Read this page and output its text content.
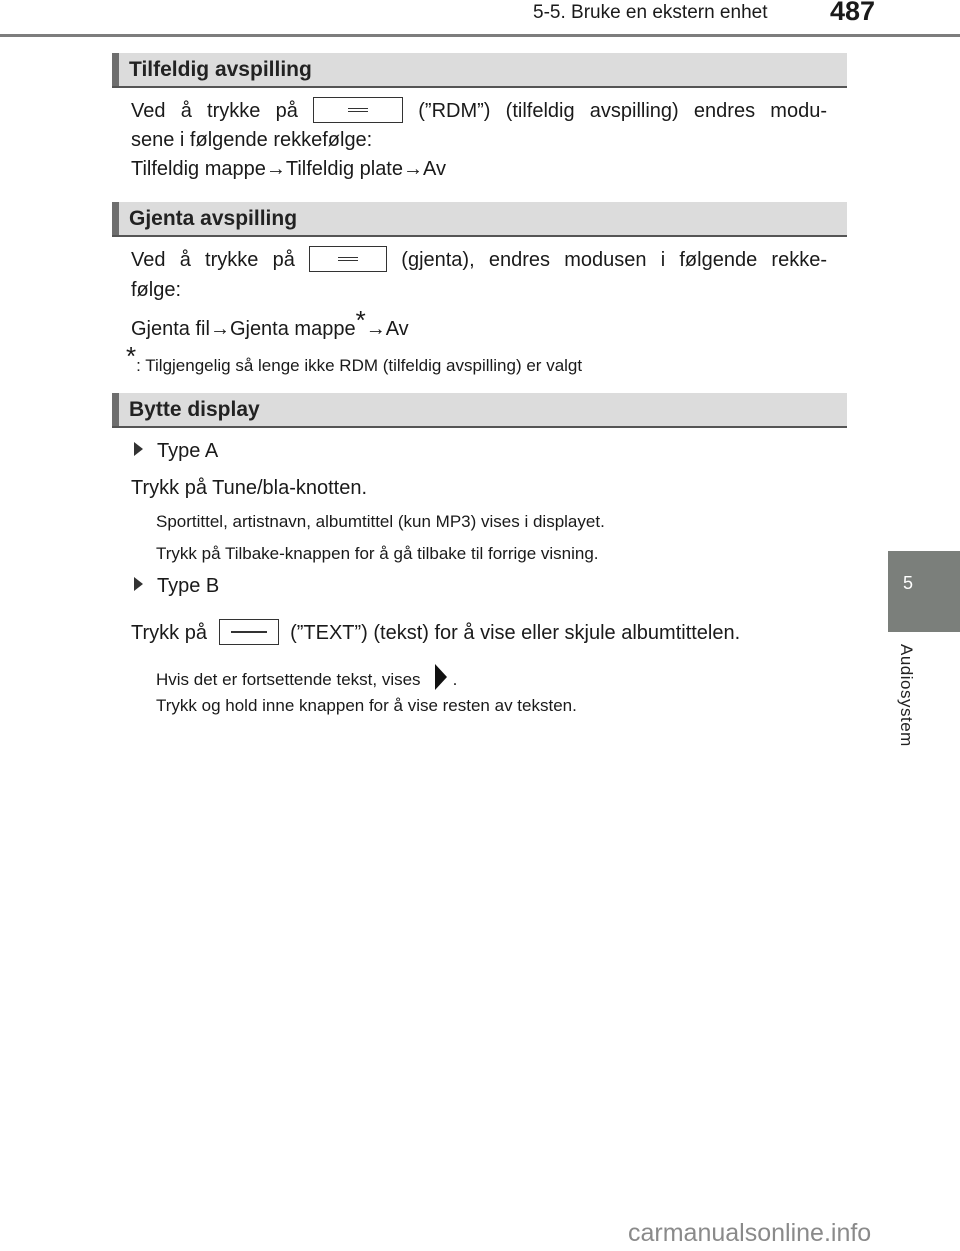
5-5. Bruke en ekstern enhet 487
5
Audiosystem
Tilfeldig avspilling
Ved å trykke på	(”RDM”) (tilfeldig avspilling) endres modu-
sene i følgende rekkefølge:
Tilfeldig mappe→Tilfeldig plate→Av
Gjenta avspilling
Ved å trykke på	(gjenta), endres modusen i følgende rekke-
følge:
Gjenta fil→Gjenta mappe*→Av
*: Tilgjengelig så lenge ikke RDM (tilfeldig avspilling) er valgt
Bytte display
Type A
Trykk på Tune/bla-knotten.
Sportittel, artistnavn, albumtittel (kun MP3) vises i displayet.
Trykk på Tilbake-knappen for å gå tilbake til forrige visning.
Type B
Trykk på	(”TEXT”) (tekst) for å vise eller skjule albumtittelen.
Hvis det er fortsettende tekst, vises .
Trykk og hold inne knappen for å vise resten av teksten.
carmanualsonline.info
